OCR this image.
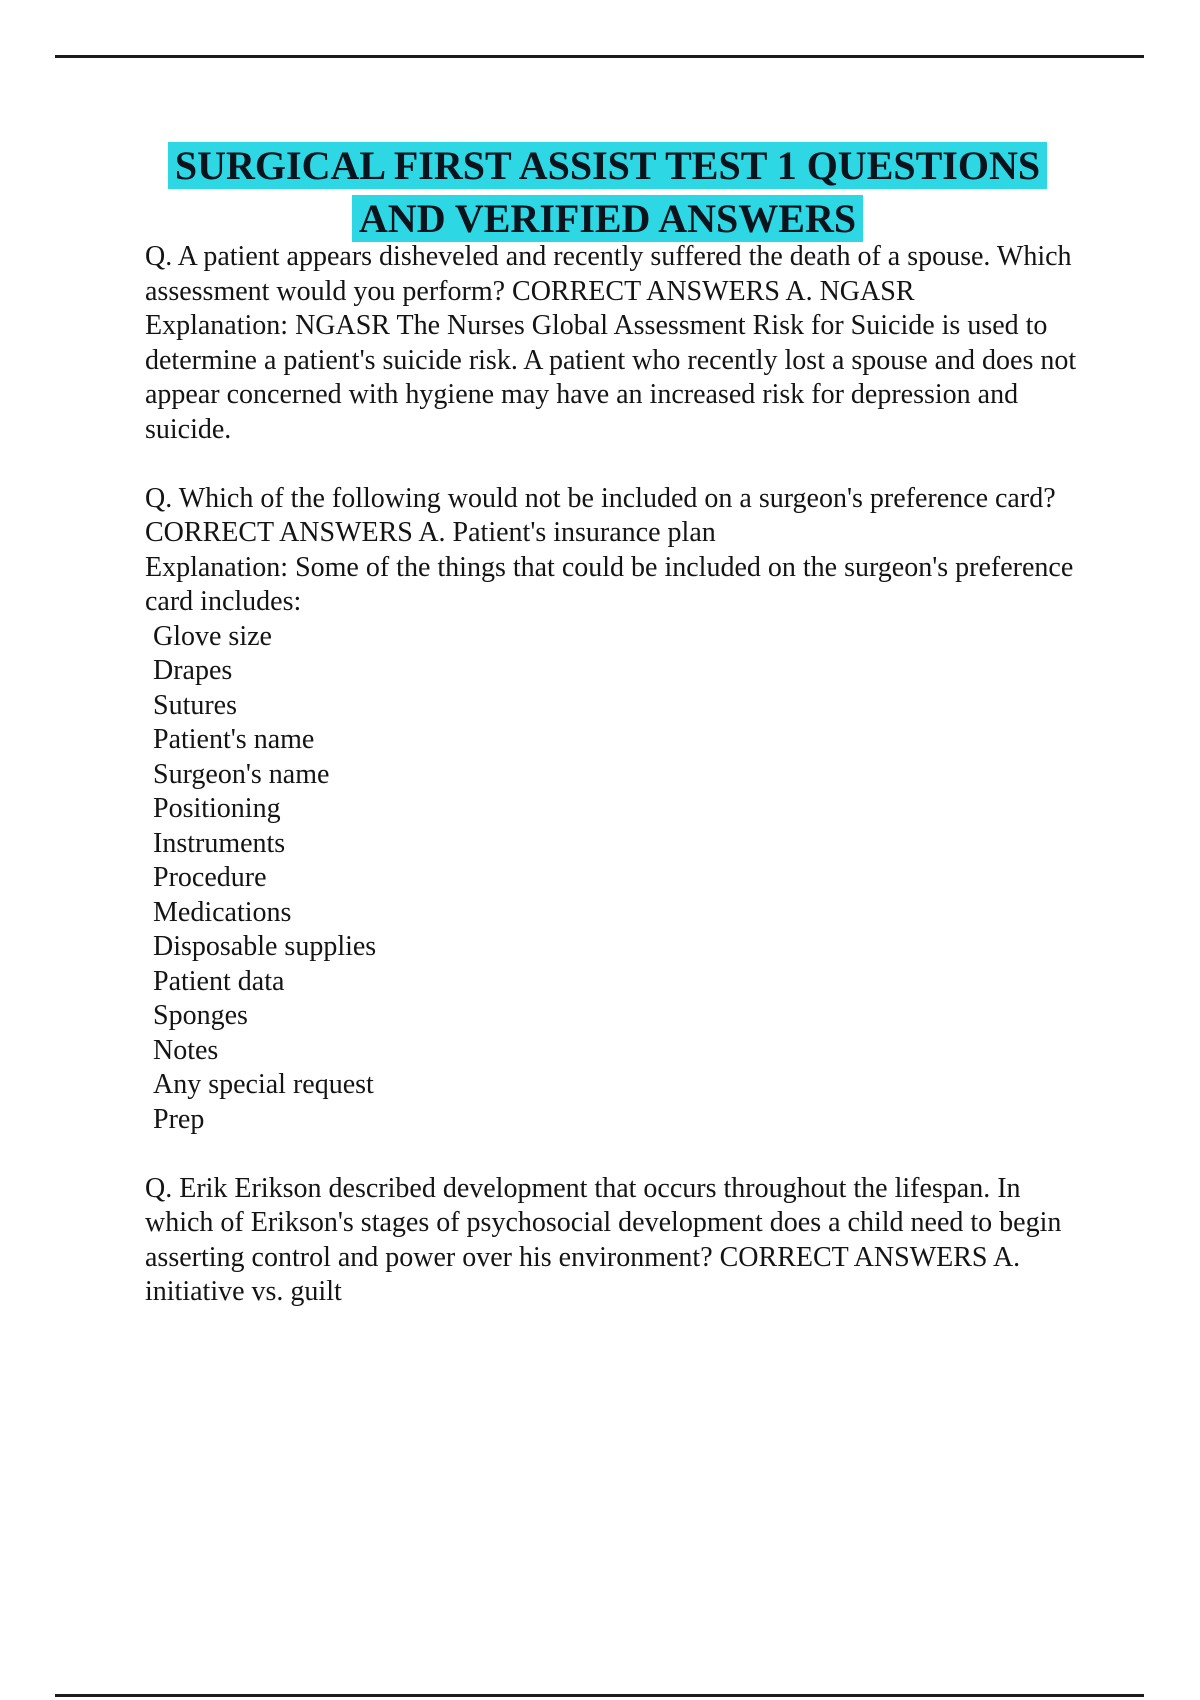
SURGICAL FIRST ASSIST TEST 1 QUESTIONS
AND VERIFIED ANSWERS
Q. A patient appears disheveled and recently suffered the death of a spouse. Which
assessment would you perform? CORRECT ANSWERS A. NGASR
Explanation: NGASR The Nurses Global Assessment Risk for Suicide is used to
determine a patient's suicide risk. A patient who recently lost a spouse and does not
appear concerned with hygiene may have an increased risk for depression and
suicide.

Q. Which of the following would not be included on a surgeon's preference card?
CORRECT ANSWERS A. Patient's insurance plan
Explanation: Some of the things that could be included on the surgeon's preference
card includes:
Glove size
Drapes
Sutures
Patient's name
Surgeon's name
Positioning
Instruments
Procedure
Medications
Disposable supplies
Patient data
Sponges
Notes
Any special request
Prep

Q. Erik Erikson described development that occurs throughout the lifespan. In
which of Erikson's stages of psychosocial development does a child need to begin
asserting control and power over his environment? CORRECT ANSWERS A.
initiative vs. guilt
